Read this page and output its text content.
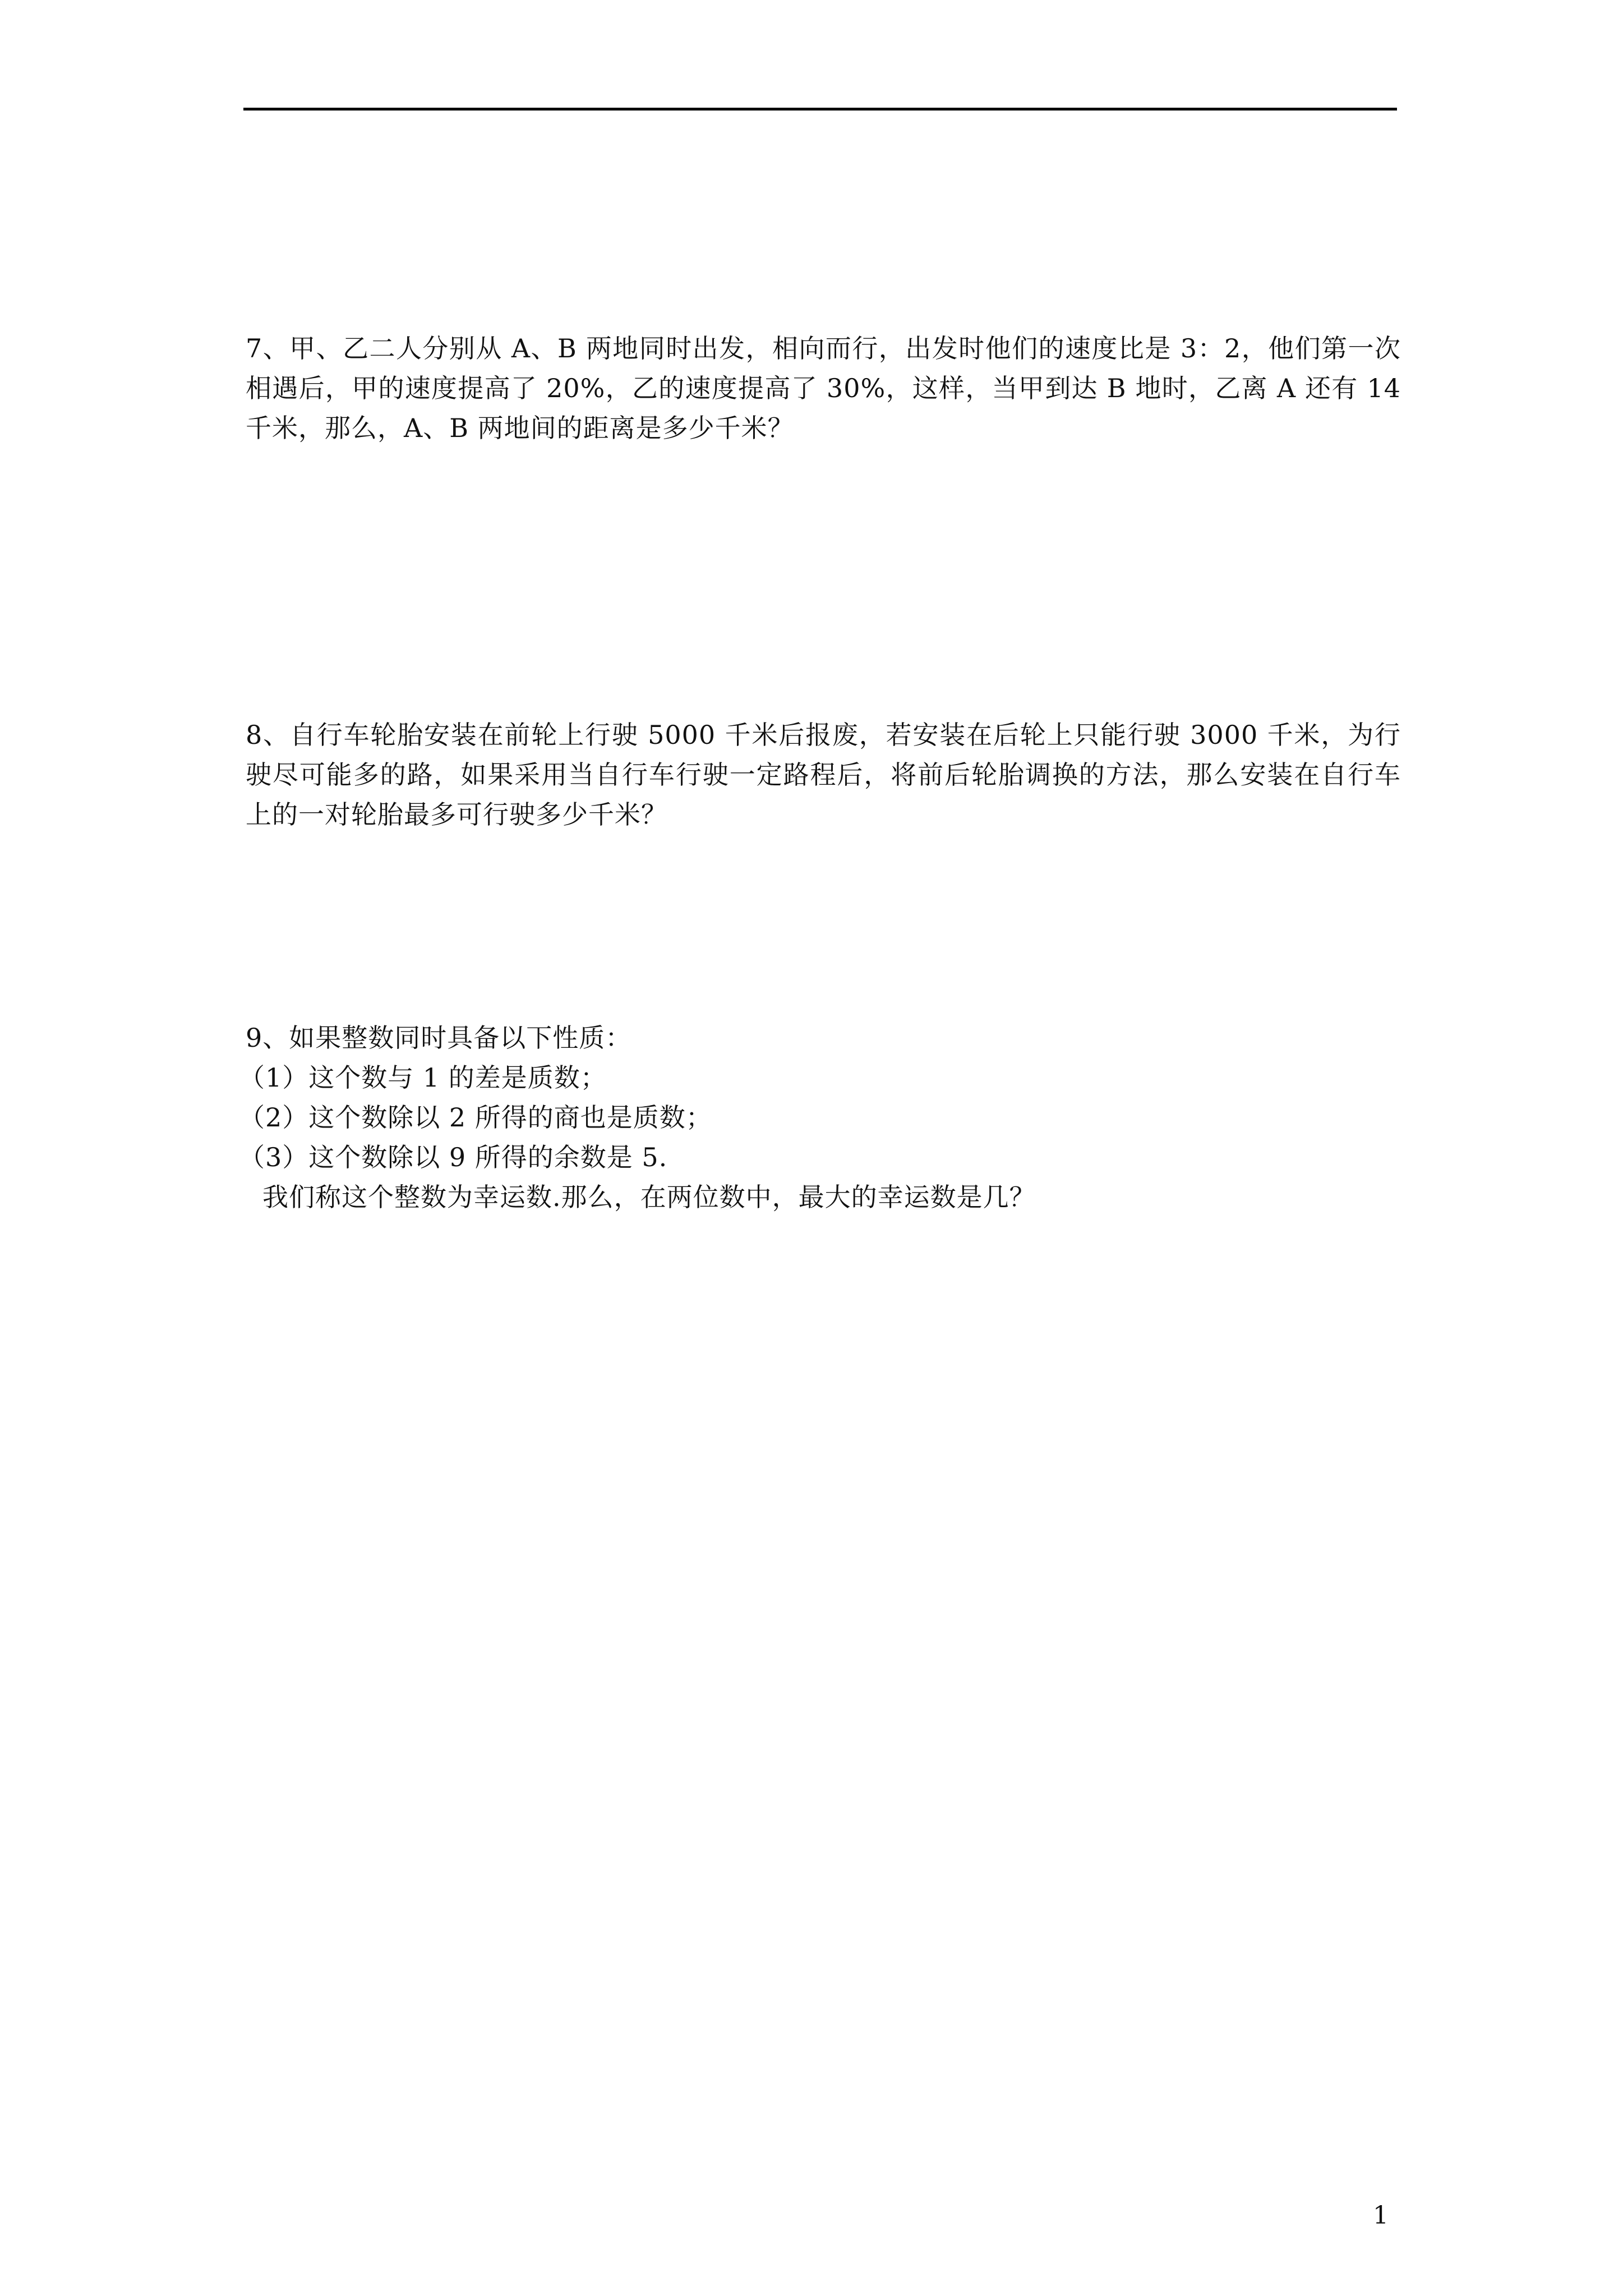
7、甲、乙二人分别从 A、B 两地同时出发，相向而行，出发时他们的速度比是 3：2，他们第一次相遇后，甲的速度提高了 20%，乙的速度提高了 30%，这样，当甲到达 B 地时，乙离 A 还有 14 千米，那么，A、B 两地间的距离是多少千米？

8、自行车轮胎安装在前轮上行驶 5000 千米后报废，若安装在后轮上只能行驶 3000 千米，为行驶尽可能多的路，如果采用当自行车行驶一定路程后，将前后轮胎调换的方法，那么安装在自行车上的一对轮胎最多可行驶多少千米？

9、如果整数同时具备以下性质：
（1）这个数与 1 的差是质数；
（2）这个数除以 2 所得的商也是质数；
（3）这个数除以 9 所得的余数是 5.
我们称这个整数为幸运数.那么，在两位数中，最大的幸运数是几？
1
